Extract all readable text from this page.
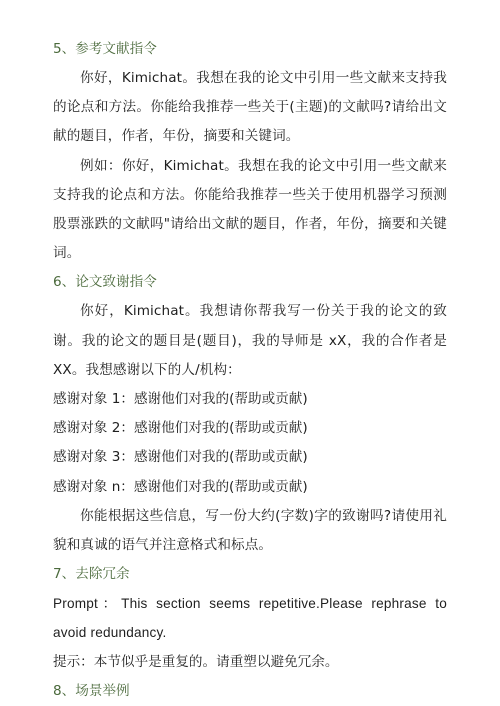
5、参考文献指令

你好，Kimichat。我想在我的论文中引用一些文献来支持我的论点和方法。你能给我推荐一些关于(主题)的文献吗?请给出文献的题目，作者，年份，摘要和关键词。

例如：你好，Kimichat。我想在我的论文中引用一些文献来支持我的论点和方法。你能给我推荐一些关于使用机器学习预测股票涨跌的文献吗"请给出文献的题目，作者，年份，摘要和关键词。

6、论文致谢指令

你好，Kimichat。我想请你帮我写一份关于我的论文的致谢。我的论文的题目是(题目)，我的导师是 xX，我的合作者是 XX。我想感谢以下的人/机构：

感谢对象 1：感谢他们对我的(帮助或贡献)
感谢对象 2：感谢他们对我的(帮助或贡献)
感谢对象 3：感谢他们对我的(帮助或贡献)
感谢对象 n：感谢他们对我的(帮助或贡献)

你能根据这些信息，写一份大约(字数)字的致谢吗?请使用礼貌和真诚的语气并注意格式和标点。

7、去除冗余

Prompt：This section seems repetitive.Please rephrase to avoid redundancy.

提示：本节似乎是重复的。请重塑以避免冗余。
8、场景举例
